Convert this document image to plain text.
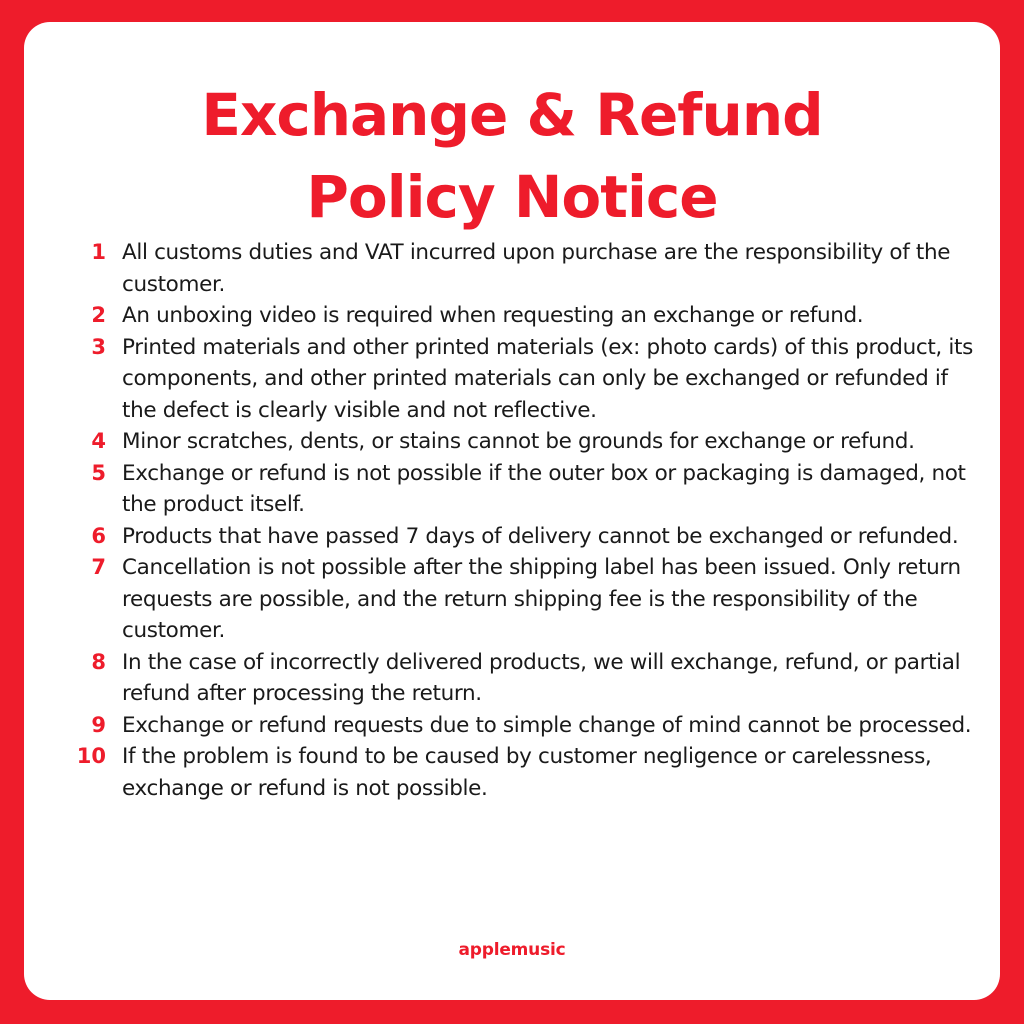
Exchange & Refund
Policy Notice
1 All customs duties and VAT incurred upon purchase are the responsibility of the customer.
2 An unboxing video is required when requesting an exchange or refund.
3 Printed materials and other printed materials (ex: photo cards) of this product, its components, and other printed materials can only be exchanged or refunded if the defect is clearly visible and not reflective.
4 Minor scratches, dents, or stains cannot be grounds for exchange or refund.
5 Exchange or refund is not possible if the outer box or packaging is damaged, not the product itself.
6 Products that have passed 7 days of delivery cannot be exchanged or refunded.
7 Cancellation is not possible after the shipping label has been issued. Only return requests are possible, and the return shipping fee is the responsibility of the customer.
8 In the case of incorrectly delivered products, we will exchange, refund, or partial refund after processing the return.
9 Exchange or refund requests due to simple change of mind cannot be processed.
10 If the problem is found to be caused by customer negligence or carelessness, exchange or refund is not possible.
applemusic
